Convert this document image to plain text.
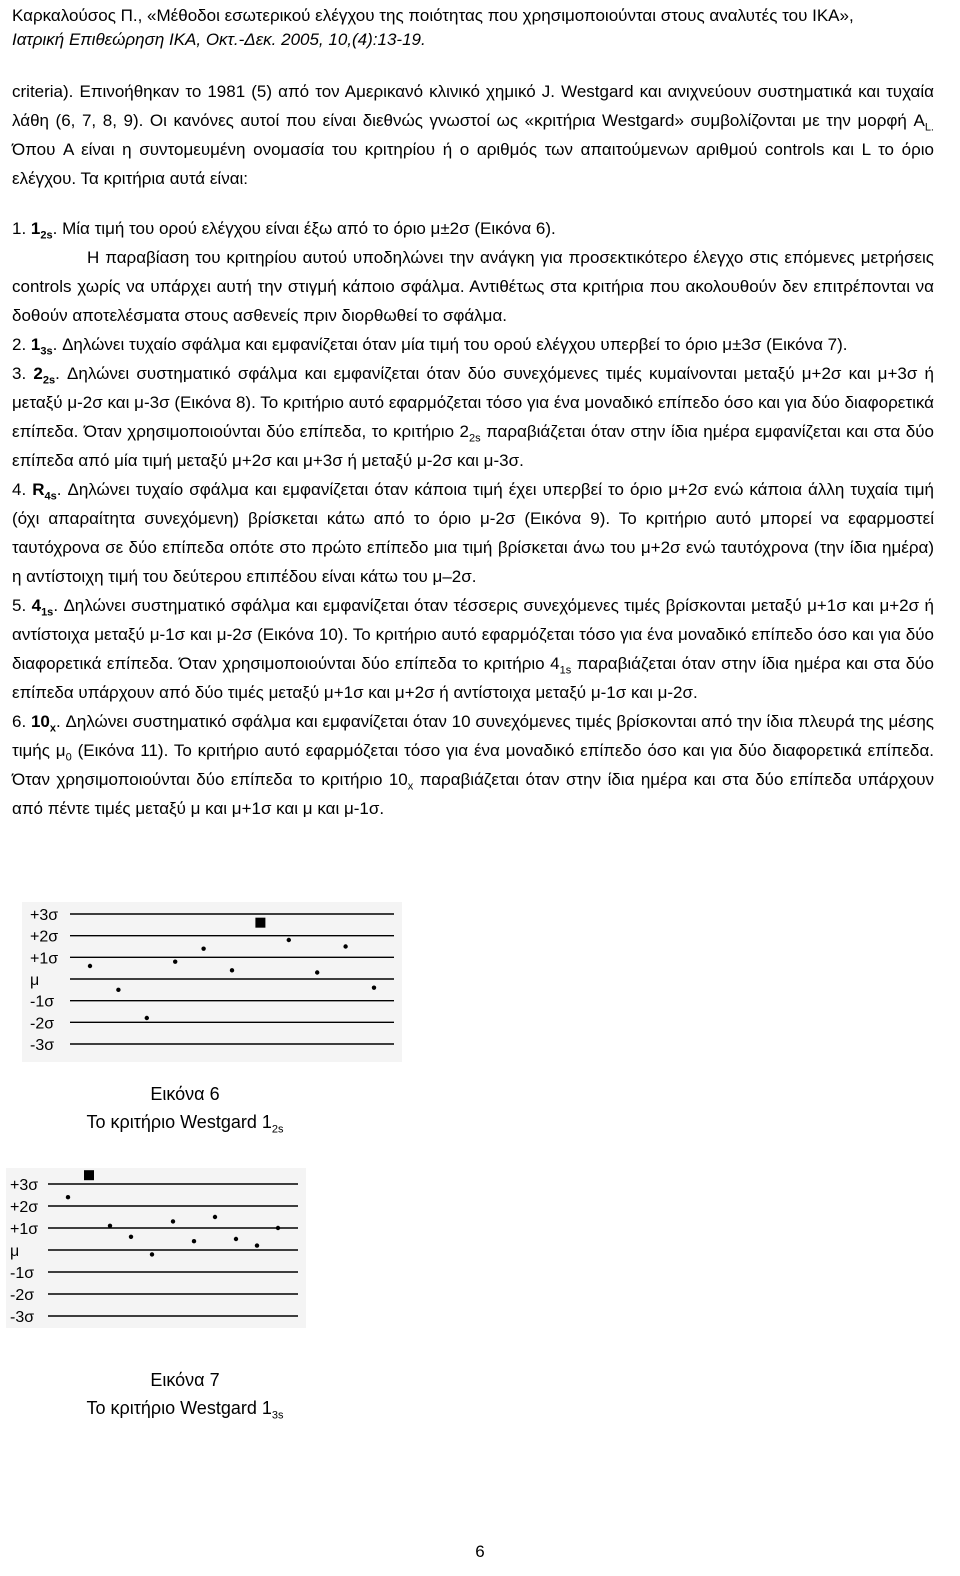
Καρκαλούσος Π., «Μέθοδοι εσωτερικού ελέγχου της ποιότητας που χρησιμοποιούνται στους αναλυτές του ΙΚΑ»,
Ιατρική Επιθεώρηση ΙΚΑ, Οκτ.-Δεκ. 2005, 10,(4):13-19.

criteria). Επινοήθηκαν το 1981 (5) από τον Αμερικανό κλινικό χημικό J. Westgard και ανιχνεύουν συστηματικά και τυχαία λάθη (6, 7, 8, 9). Οι κανόνες αυτοί που είναι διεθνώς γνωστοί ως «κριτήρια Westgard» συμβολίζονται με την μορφή $A_{L.}$ Όπου A είναι η συντομευμένη ονομασία του κριτηρίου ή ο αριθμός των απαιτούμενων αριθμού controls και L το όριο ελέγχου. Τα κριτήρια αυτά είναι:

1. $1_{2s}$. Μία τιμή του ορού ελέγχου είναι έξω από το όριο μ±2σ (Εικόνα 6).

Η παραβίαση του κριτηρίου αυτού υποδηλώνει την ανάγκη για προσεκτικότερο έλεγχο στις επόμενες μετρήσεις controls χωρίς να υπάρχει αυτή την στιγμή κάποιο σφάλμα. Αντιθέτως στα κριτήρια που ακολουθούν δεν επιτρέπονται να δοθούν αποτελέσματα στους ασθενείς πριν διορθωθεί το σφάλμα.

2. $1_{3s}$. Δηλώνει τυχαίο σφάλμα και εμφανίζεται όταν μία τιμή του ορού ελέγχου υπερβεί το όριο μ±3σ (Εικόνα 7).

3. $2_{2s}$. Δηλώνει συστηματικό σφάλμα και εμφανίζεται όταν δύο συνεχόμενες τιμές κυμαίνονται μεταξύ μ+2σ και μ+3σ ή μεταξύ μ-2σ και μ-3σ (Εικόνα 8). Το κριτήριο αυτό εφαρμόζεται τόσο για ένα μοναδικό επίπεδο όσο και για δύο διαφορετικά επίπεδα. Όταν χρησιμοποιούνται δύο επίπεδα, το κριτήριο $2_{2s}$ παραβιάζεται όταν στην ίδια ημέρα εμφανίζεται και στα δύο επίπεδα από μία τιμή μεταξύ μ+2σ και μ+3σ ή μεταξύ μ-2σ και μ-3σ.

4. $R_{4s}$. Δηλώνει τυχαίο σφάλμα και εμφανίζεται όταν κάποια τιμή έχει υπερβεί το όριο μ+2σ ενώ κάποια άλλη τυχαία τιμή (όχι απαραίτητα συνεχόμενη) βρίσκεται κάτω από το όριο μ-2σ (Εικόνα 9). Το κριτήριο αυτό μπορεί να εφαρμοστεί ταυτόχρονα σε δύο επίπεδα οπότε στο πρώτο επίπεδο μια τιμή βρίσκεται άνω του μ+2σ ενώ ταυτόχρονα (την ίδια ημέρα) η αντίστοιχη τιμή του δεύτερου επιπέδου είναι κάτω του μ–2σ.

5. $4_{1s}$. Δηλώνει συστηματικό σφάλμα και εμφανίζεται όταν τέσσερις συνεχόμενες τιμές βρίσκονται μεταξύ μ+1σ και μ+2σ ή αντίστοιχα μεταξύ μ-1σ και μ-2σ (Εικόνα 10). Το κριτήριο αυτό εφαρμόζεται τόσο για ένα μοναδικό επίπεδο όσο και για δύο διαφορετικά επίπεδα. Όταν χρησιμοποιούνται δύο επίπεδα το κριτήριο $4_{1s}$ παραβιάζεται όταν στην ίδια ημέρα και στα δύο επίπεδα υπάρχουν από δύο τιμές μεταξύ μ+1σ και μ+2σ ή αντίστοιχα μεταξύ μ-1σ και μ-2σ.

6. $10_x$. Δηλώνει συστηματικό σφάλμα και εμφανίζεται όταν 10 συνεχόμενες τιμές βρίσκονται από την ίδια πλευρά της μέσης τιμής $\mu_0$ (Εικόνα 11). Το κριτήριο αυτό εφαρμόζεται τόσο για ένα μοναδικό επίπεδο όσο και για δύο διαφορετικά επίπεδα. Όταν χρησιμοποιούνται δύο επίπεδα το κριτήριο $10_x$ παραβιάζεται όταν στην ίδια ημέρα και στα δύο επίπεδα υπάρχουν από πέντε τιμές μεταξύ μ και μ+1σ και μ και μ-1σ.

+3σ
+2σ
+1σ
μ
-1σ
-2σ
-3σ
Εικόνα 6
Το κριτήριο Westgard $1_{2s}$
+3σ
+2σ
+1σ
μ
-1σ
-2σ
-3σ
Εικόνα 7
Το κριτήριο Westgard $1_{3s}$
6
